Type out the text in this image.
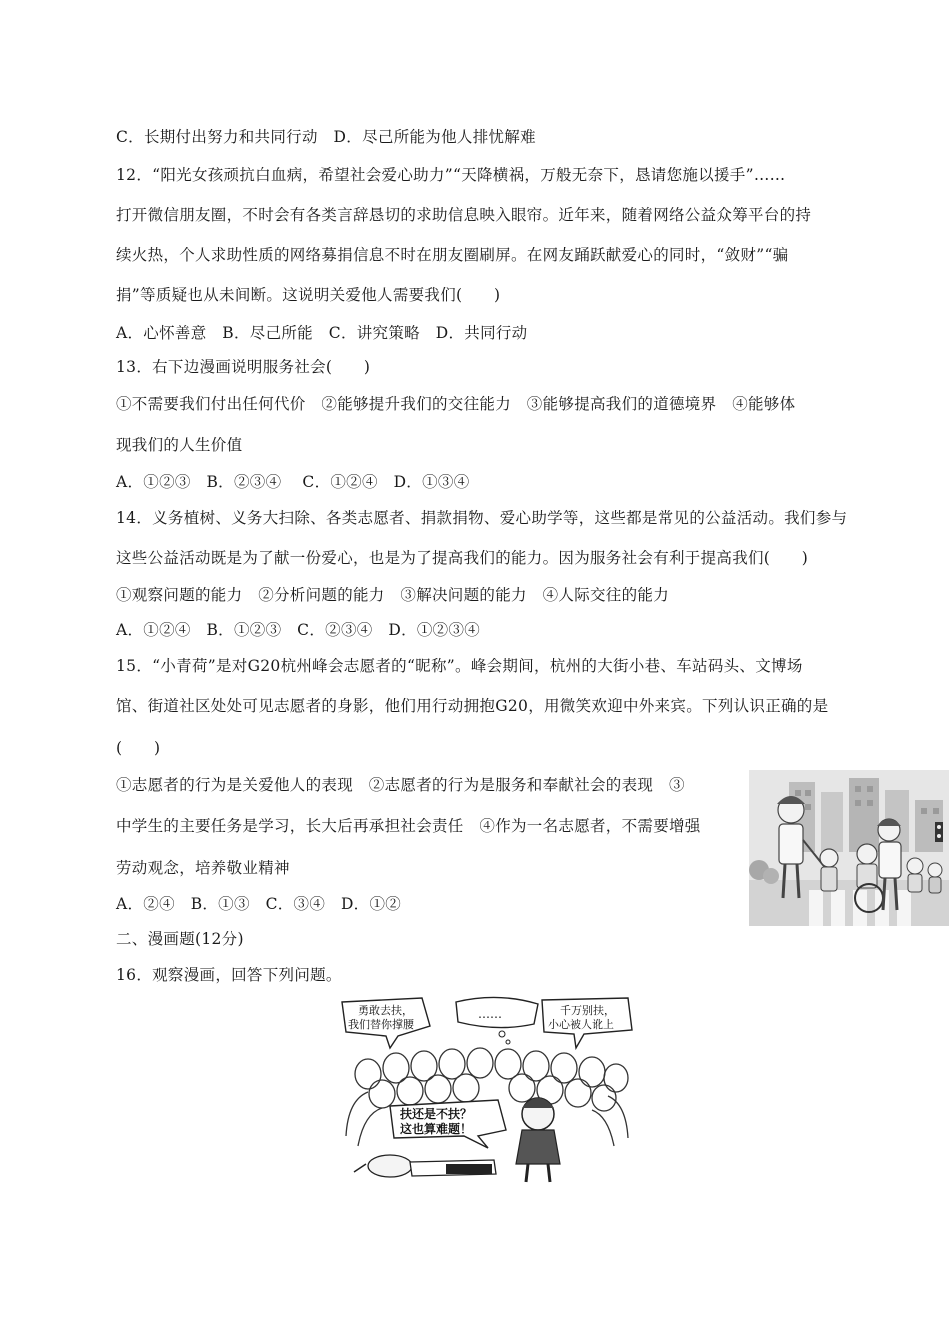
C．长期付出努力和共同行动　D．尽己所能为他人排忧解难
12．“阳光女孩顽抗白血病，希望社会爱心助力”“天降横祸，万般无奈下，恳请您施以援手”……
打开微信朋友圈，不时会有各类言辞恳切的求助信息映入眼帘。近年来，随着网络公益众筹平台的持
续火热，个人求助性质的网络募捐信息不时在朋友圈刷屏。在网友踊跃献爱心的同时，“敛财”“骗
捐”等质疑也从未间断。这说明关爱他人需要我们(　　)
A．心怀善意　B．尽己所能　C．讲究策略　D．共同行动
13．右下边漫画说明服务社会(　　)
①不需要我们付出任何代价　②能够提升我们的交往能力　③能够提高我们的道德境界　④能够体
现我们的人生价值
A．①②③　B．②③④　 C．①②④　D．①③④
14．义务植树、义务大扫除、各类志愿者、捐款捐物、爱心助学等，这些都是常见的公益活动。我们参与
这些公益活动既是为了献一份爱心，也是为了提高我们的能力。因为服务社会有利于提高我们(　　)
①观察问题的能力　②分析问题的能力　③解决问题的能力　④人际交往的能力
A．①②④　B．①②③　C．②③④　D．①②③④
15．“小青荷”是对G20杭州峰会志愿者的“昵称”。峰会期间，杭州的大街小巷、车站码头、文博场
馆、街道社区处处可见志愿者的身影，他们用行动拥抱G20，用微笑欢迎中外来宾。下列认识正确的是
(　　)
①志愿者的行为是关爱他人的表现　②志愿者的行为是服务和奉献社会的表现　③
中学生的主要任务是学习，长大后再承担社会责任　④作为一名志愿者，不需要增强
劳动观念，培养敬业精神
A．②④　B．①③　C．③④　D．①②
二、漫画题(12分)
16．观察漫画，回答下列问题。
勇敢去扶，
我们替你撑腰
……	千万别扶，
小心被人讹上
扶还是不扶？
这也算难题！
